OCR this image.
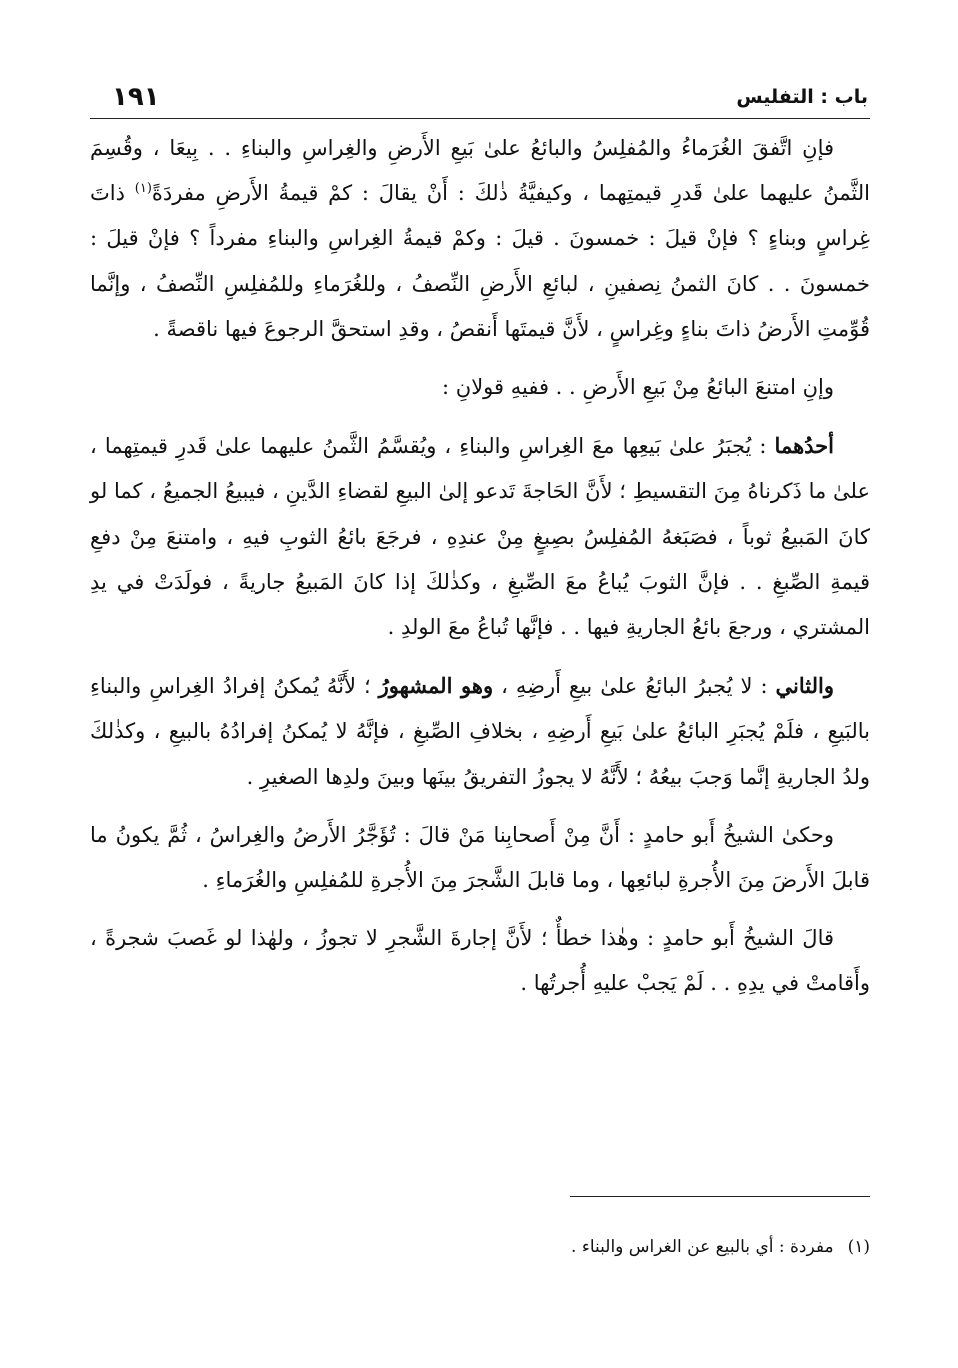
باب : التفليس
١٩١

فإنِ اتَّفقَ الغُرَماءُ والمُفلِسُ والبائعُ علىٰ بَيعِ الأَرضِ والغِراسِ والبناءِ . . بِيعَا ، وقُسِمَ الثَّمنُ عليهما علىٰ قَدرِ قيمتِهما ، وكيفيَّةُ ذٰلكَ : أَنْ يقالَ : كمْ قيمةُ الأَرضِ مفردَةً$^{(١)}$ ذاتَ غِراسٍ وبناءٍ ؟ فإنْ قيلَ : خمسونَ . قيلَ : وكمْ قيمةُ الغِراسِ والبناءِ مفرداً ؟ فإنْ قيلَ : خمسونَ . . كانَ الثمنُ نِصفينِ ، لبائعِ الأَرضِ النِّصفُ ، وللغُرَماءِ وللمُفلِسِ النِّصفُ ، وإنَّما قُوِّمتِ الأَرضُ ذاتَ بناءٍ وغِراسٍ ، لأَنَّ قيمتَها أَنقصُ ، وقدِ استحقَّ الرجوعَ فيها ناقصةً .

وإنِ امتنعَ البائعُ مِنْ بَيعِ الأَرضِ . . ففيهِ قولانِ :

أحدُهما : يُجبَرُ علىٰ بَيعِها معَ الغِراسِ والبناءِ ، ويُقسَّمُ الثَّمنُ عليهما علىٰ قَدرِ قيمتِهما ، علىٰ ما ذَكرناهُ مِنَ التقسيطِ ؛ لأَنَّ الحَاجةَ تَدعو إلىٰ البيعِ لقضاءِ الدَّينِ ، فيبيعُ الجميعُ ، كما لو كانَ المَبيعُ ثوباً ، فصَبَغهُ المُفلِسُ بصِبغٍ مِنْ عندِهِ ، فرجَعَ بائعُ الثوبِ فيهِ ، وامتنعَ مِنْ دفعِ قيمةِ الصِّبغِ . . فإنَّ الثوبَ يُباعُ معَ الصِّبغِ ، وكذٰلكَ إذا كانَ المَبيعُ جاريةً ، فولَدَتْ في يدِ المشتري ، ورجعَ بائعُ الجاريةِ فيها . . فإنَّها تُباعُ معَ الولدِ .

والثاني : لا يُجبرُ البائعُ علىٰ بيعِ أَرضِهِ ، وهو المشهورُ ؛ لأَنَّهُ يُمكنُ إفرادُ الغِراسِ والبناءِ بالبَيعِ ، فلَمْ يُجبَرِ البائعُ علىٰ بَيعِ أَرضِهِ ، بخلافِ الصِّبغِ ، فإنَّهُ لا يُمكنُ إفرادُهُ بالبيعِ ، وكذٰلكَ ولدُ الجاريةِ إنَّما وَجبَ بيعُهُ ؛ لأَنَّهُ لا يجوزُ التفريقُ بينَها وبينَ ولدِها الصغيرِ .

وحكىٰ الشيخُ أَبو حامدٍ : أَنَّ مِنْ أَصحابِنا مَنْ قالَ : تُؤَجَّرُ الأَرضُ والغِراسُ ، ثُمَّ يكونُ ما قابلَ الأَرضَ مِنَ الأُجرةِ لبائعِها ، وما قابلَ الشَّجرَ مِنَ الأُجرةِ للمُفلِسِ والغُرَماءِ .

قالَ الشيخُ أَبو حامدٍ : وهٰذا خطأٌ ؛ لأَنَّ إجارةَ الشَّجرِ لا تجوزُ ، ولهٰذا لو غَصبَ شجرةً ، وأَقامتْ في يدِهِ . . لَمْ يَجبْ عليهِ أُجرتُها .

(١)مفردة : أي بالبيع عن الغراس والبناء .
